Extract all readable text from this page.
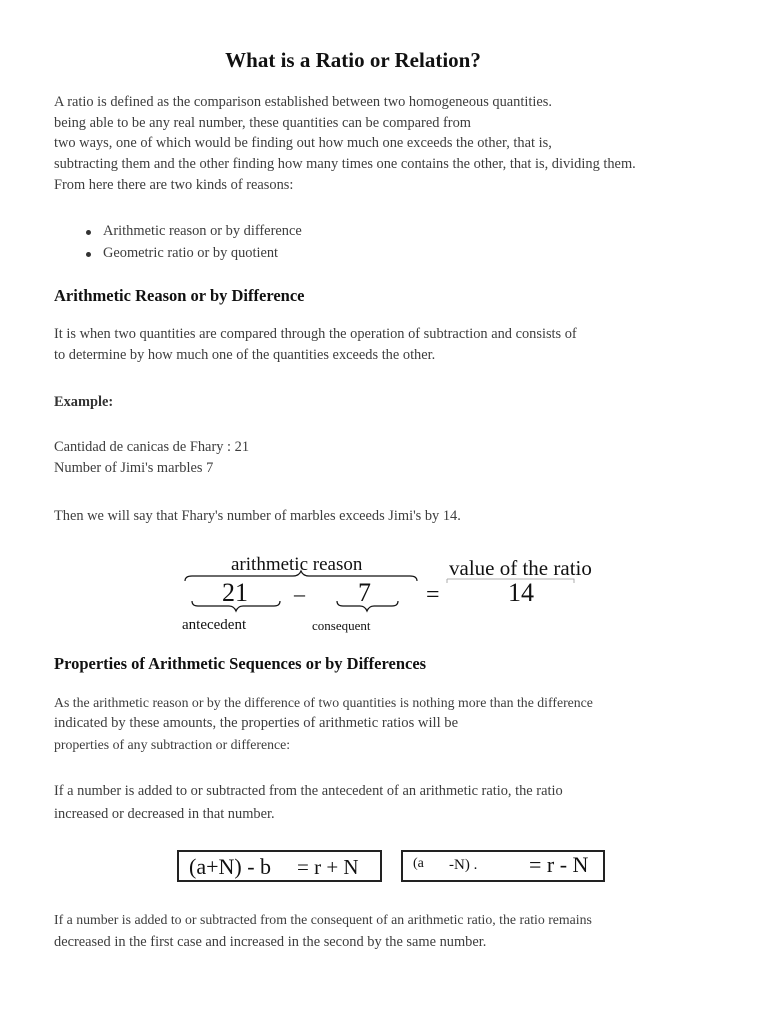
What is a Ratio or Relation?
A ratio is defined as the comparison established between two homogeneous quantities.
being able to be any real number, these quantities can be compared from
two ways, one of which would be finding out how much one exceeds the other, that is,
subtracting them and the other finding how many times one contains the other, that is, dividing them.
From here there are two kinds of reasons:
Arithmetic reason or by difference
Geometric ratio or by quotient
Arithmetic Reason or by Difference
It is when two quantities are compared through the operation of subtraction and consists of
to determine by how much one of the quantities exceeds the other.
Example:
Cantidad de canicas de Fhary : 21
Number of Jimi's marbles 7
Then we will say that Fhary's number of marbles exceeds Jimi's by 14.
arithmetic reason
21 – 7 =
value of the ratio
14
antecedent	consequent
Properties of Arithmetic Sequences or by Differences
As the arithmetic reason or by the difference of two quantities is nothing more than the difference
indicated by these amounts, the properties of arithmetic ratios will be
properties of any subtraction or difference:
If a number is added to or subtracted from the antecedent of an arithmetic ratio, the ratio
increased or decreased in that number.
(a+N) - b = r + N	(a -N) . = r - N
If a number is added to or subtracted from the consequent of an arithmetic ratio, the ratio remains
decreased in the first case and increased in the second by the same number.
